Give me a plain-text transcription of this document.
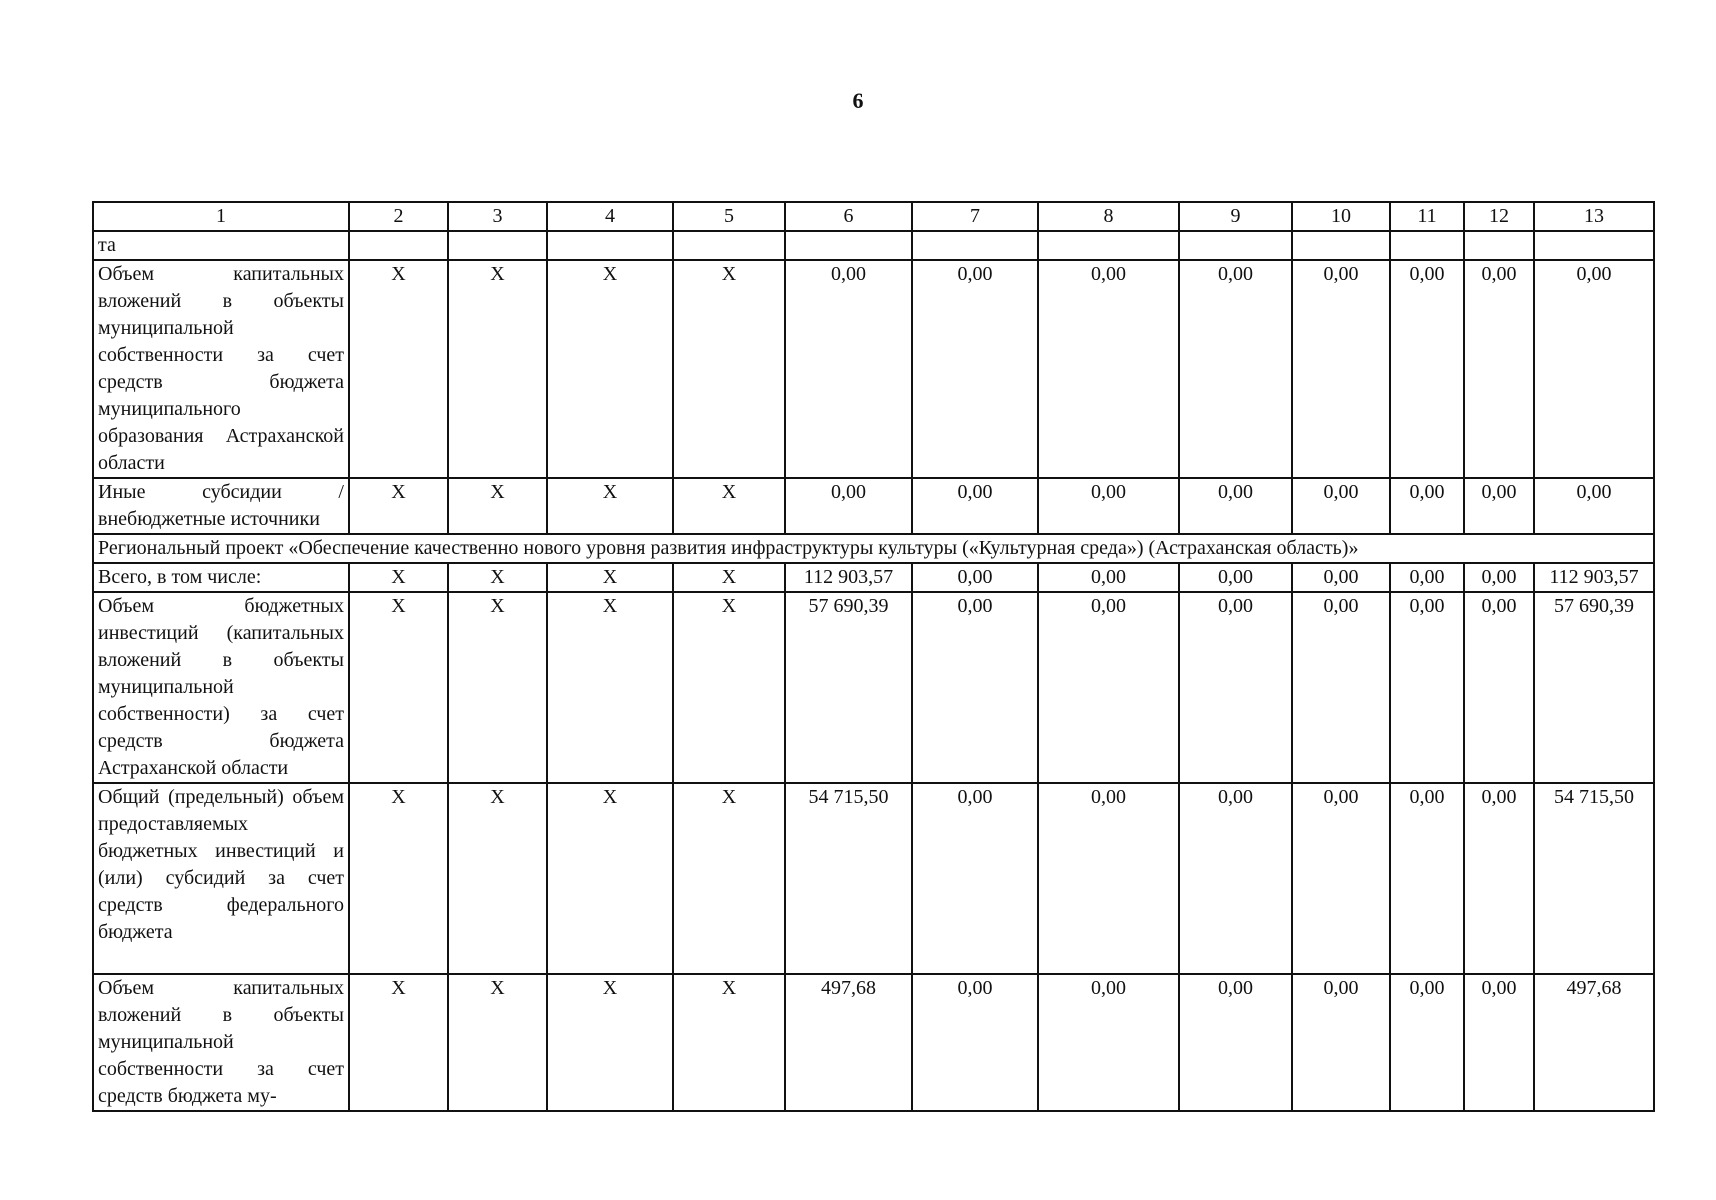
6
1	2	3	4	5	6	7	8	9	10	11	12	13
та												
Объем капитальных вложений в объекты муниципальной собственности за счет средств бюджета муниципального образования Астраханской области	X	X	X	X	0,00	0,00	0,00	0,00	0,00	0,00	0,00	0,00
Иные субсидии / внебюджетные источники	X	X	X	X	0,00	0,00	0,00	0,00	0,00	0,00	0,00	0,00
Региональный проект «Обеспечение качественно нового уровня развития инфраструктуры культуры («Культурная среда») (Астраханская область)»												
Всего, в том числе:	X	X	X	X	112 903,57	0,00	0,00	0,00	0,00	0,00	0,00	112 903,57
Объем бюджетных инвестиций (капитальных вложений в объекты муниципальной собственности) за счет средств бюджета Астраханской области	X	X	X	X	57 690,39	0,00	0,00	0,00	0,00	0,00	0,00	57 690,39
Общий (предельный) объем предоставляемых бюджетных инвестиций и (или) субсидий за счет средств федерального бюджета	X	X	X	X	54 715,50	0,00	0,00	0,00	0,00	0,00	0,00	54 715,50
Объем капитальных вложений в объекты муниципальной собственности за счет средств бюджета му-	X	X	X	X	497,68	0,00	0,00	0,00	0,00	0,00	0,00	497,68
